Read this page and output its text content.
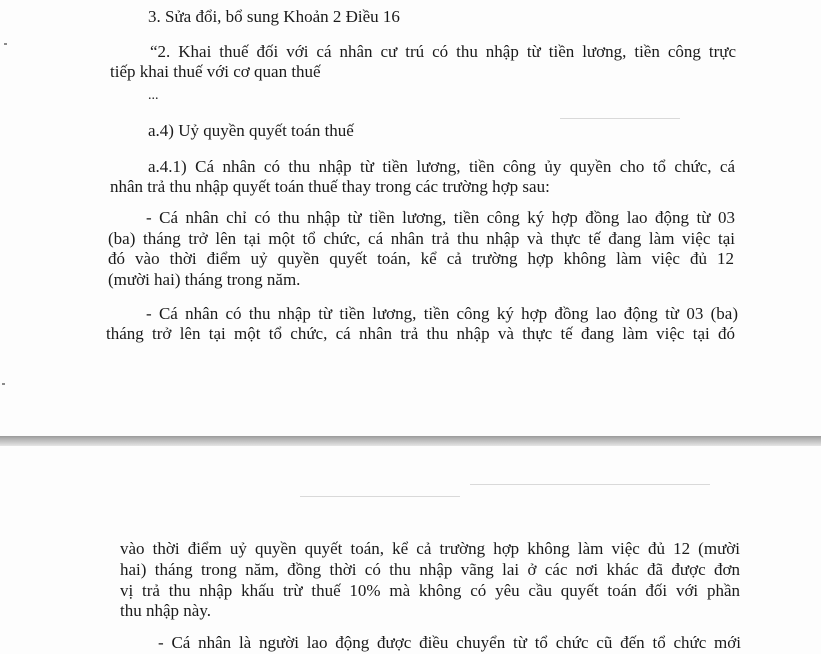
3. Sửa đổi, bổ sung Khoản 2 Điều 16

“2. Khai thuế đối với cá nhân cư trú có thu nhập từ tiền lương, tiền công trực

tiếp khai thuế với cơ quan thuế

...

a.4) Uỷ quyền quyết toán thuế

a.4.1) Cá nhân có thu nhập từ tiền lương, tiền công ủy quyền cho tổ chức, cá

nhân trả thu nhập quyết toán thuế thay trong các trường hợp sau:

- Cá nhân chỉ có thu nhập từ tiền lương, tiền công ký hợp đồng lao động từ 03

(ba) tháng trở lên tại một tổ chức, cá nhân trả thu nhập và thực tế đang làm việc tại

đó vào thời điểm uỷ quyền quyết toán, kể cả trường hợp không làm việc đủ 12

(mười hai) tháng trong năm.

- Cá nhân có thu nhập từ tiền lương, tiền công ký hợp đồng lao động từ 03 (ba)

tháng trở lên tại một tổ chức, cá nhân trả thu nhập và thực tế đang làm việc tại đó

vào thời điểm uỷ quyền quyết toán, kể cả trường hợp không làm việc đủ 12 (mười

hai) tháng trong năm, đồng thời có thu nhập vãng lai ở các nơi khác đã được đơn

vị trả thu nhập khấu trừ thuế 10% mà không có yêu cầu quyết toán đối với phần

thu nhập này.

- Cá nhân là người lao động được điều chuyển từ tổ chức cũ đến tổ chức mới
